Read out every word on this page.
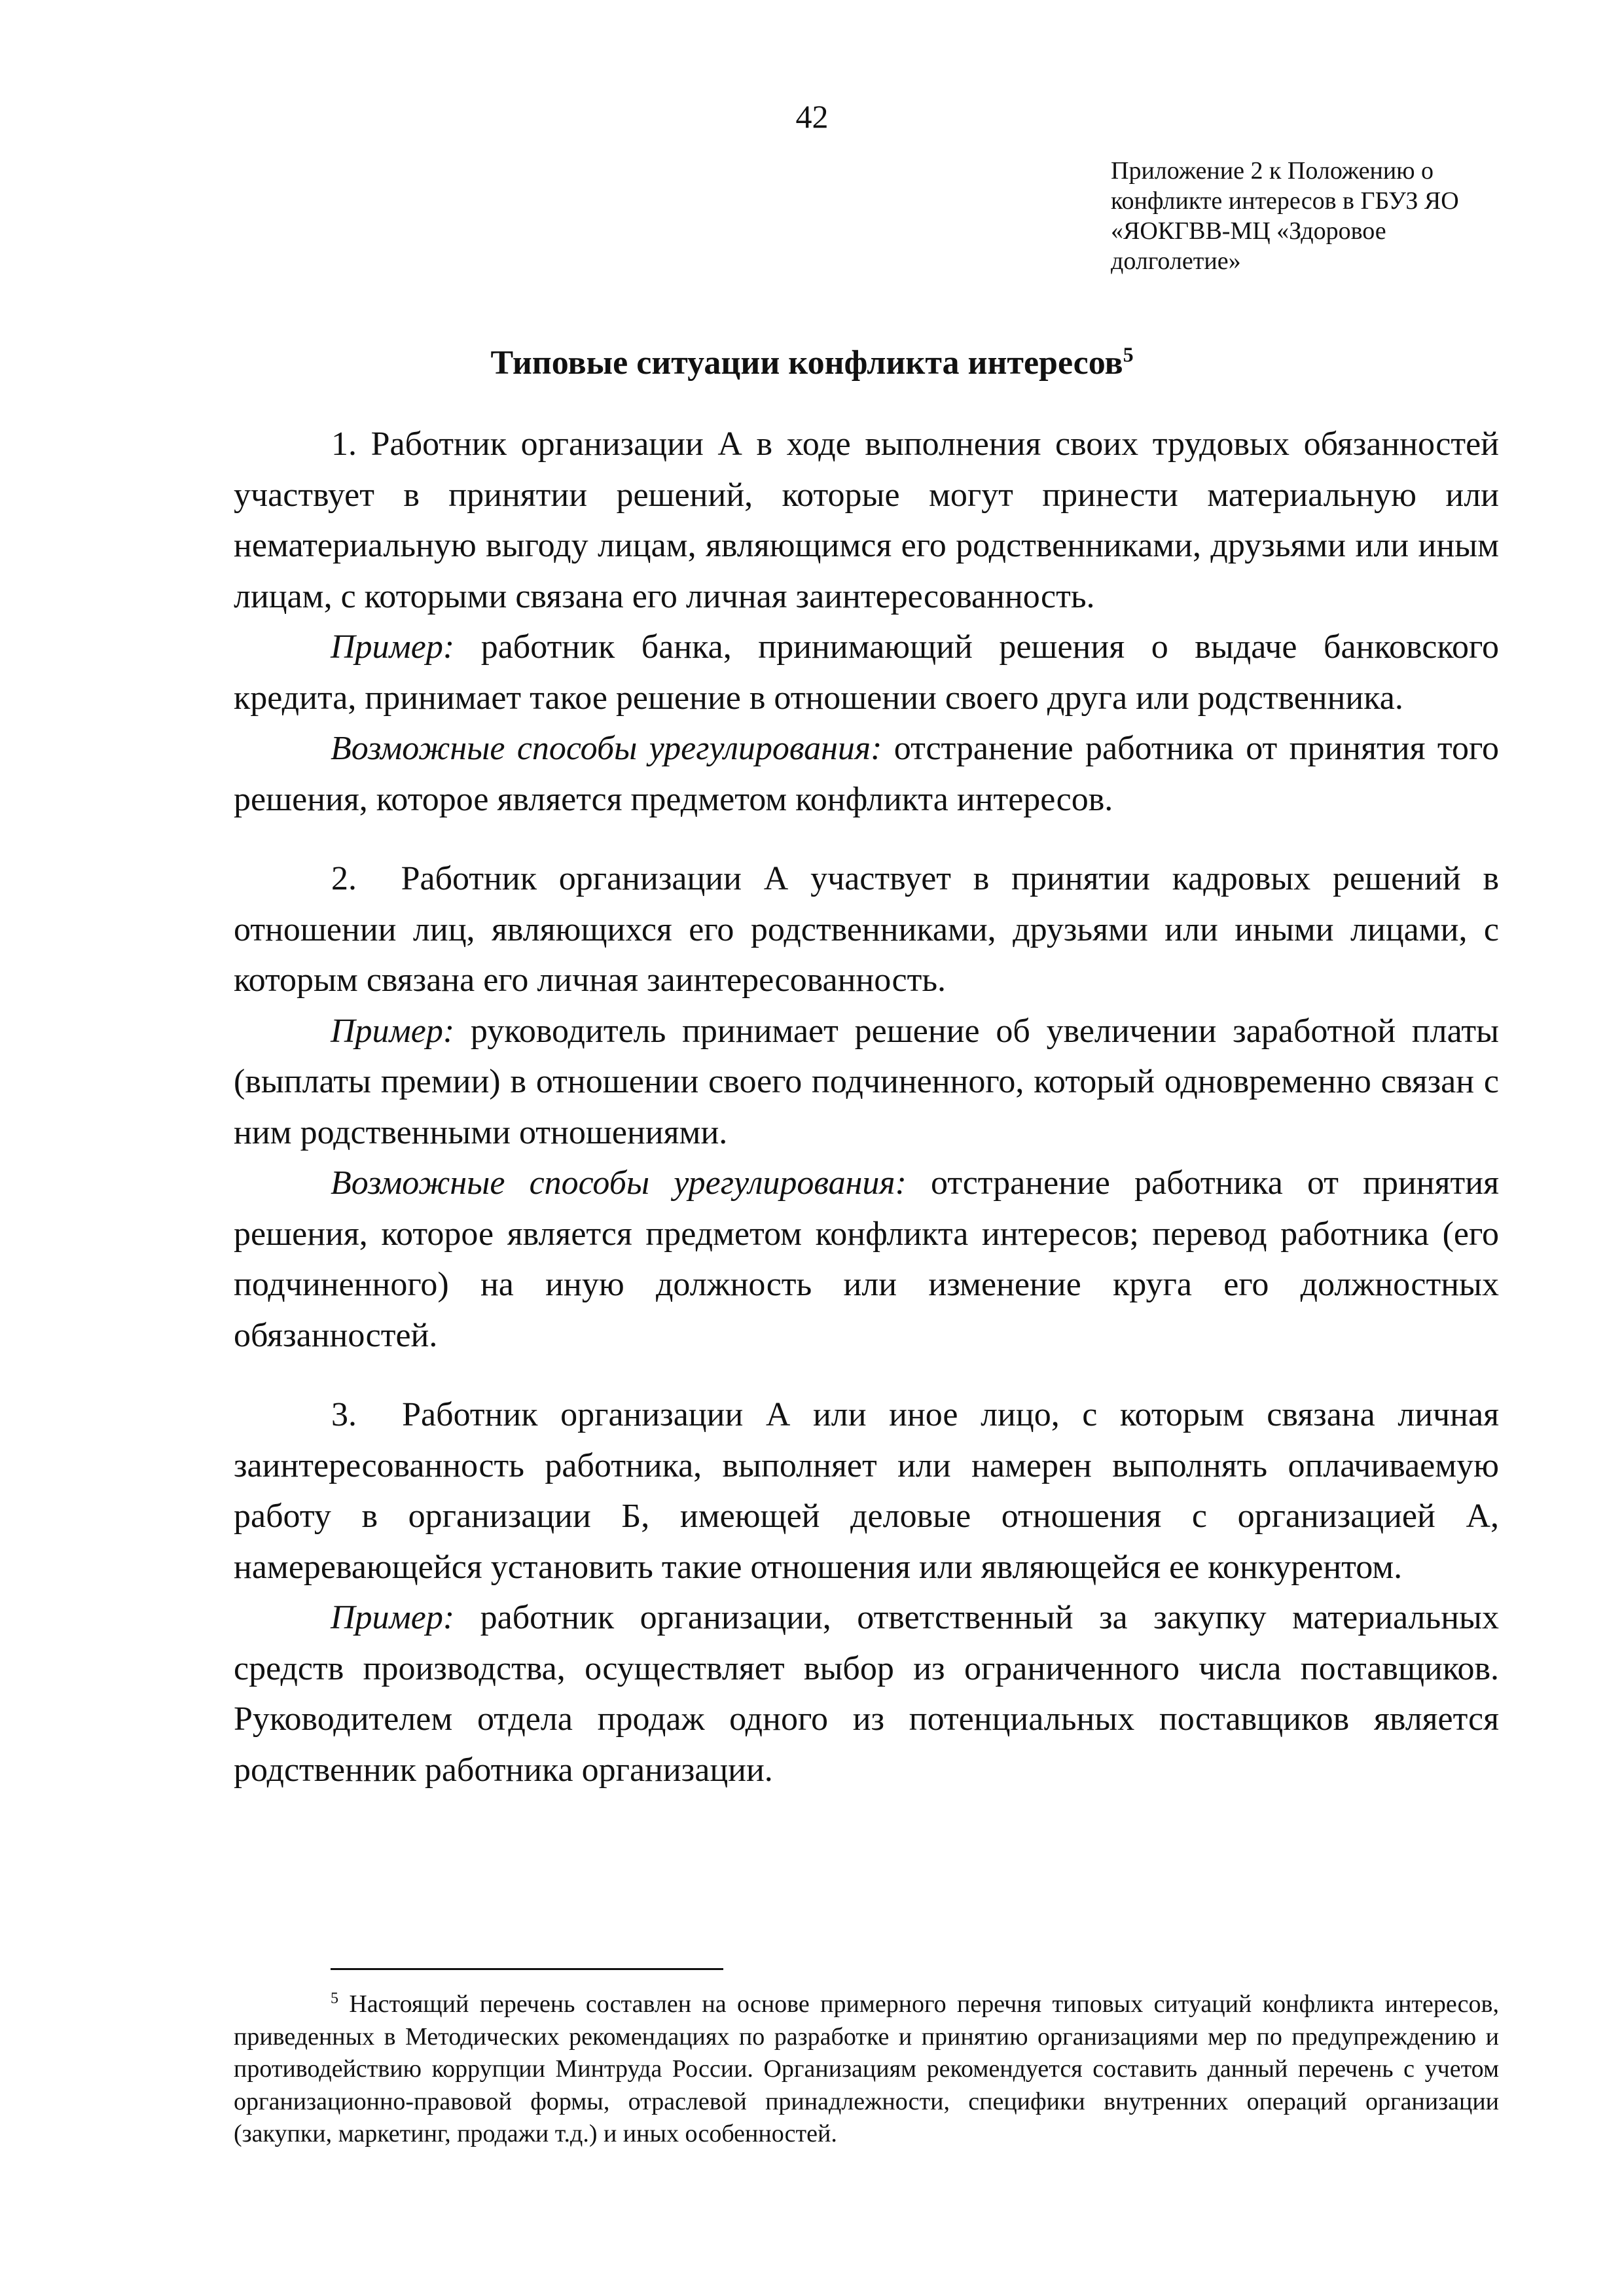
42
Приложение 2 к Положению о
конфликте интересов в ГБУЗ ЯО
«ЯОКГВВ-МЦ «Здоровое
долголетие»
Типовые ситуации конфликта интересов$^5$

1. Работник организации А в ходе выполнения своих трудовых обязанностей участвует в принятии решений, которые могут принести материальную или нематериальную выгоду лицам, являющимся его родственниками, друзьями или иным лицам, с которыми связана его личная заинтересованность.

Пример: работник банка, принимающий решения о выдаче банковского кредита, принимает такое решение в отношении своего друга или родственника.

Возможные способы урегулирования: отстранение работника от принятия того решения, которое является предметом конфликта интересов.

2. Работник организации А участвует в принятии кадровых решений в отношении лиц, являющихся его родственниками, друзьями или иными лицами, с которым связана его личная заинтересованность.

Пример: руководитель принимает решение об увеличении заработной платы (выплаты премии) в отношении своего подчиненного, который одновременно связан с ним родственными отношениями.

Возможные способы урегулирования: отстранение работника от принятия решения, которое является предметом конфликта интересов; перевод работника (его подчиненного) на иную должность или изменение круга его должностных обязанностей.

3. Работник организации А или иное лицо, с которым связана личная заинтересованность работника, выполняет или намерен выполнять оплачиваемую работу в организации Б, имеющей деловые отношения с организацией А, намеревающейся установить такие отношения или являющейся ее конкурентом.

Пример: работник организации, ответственный за закупку материальных средств производства, осуществляет выбор из ограниченного числа поставщиков. Руководителем отдела продаж одного из потенциальных поставщиков является родственник работника организации.

$^5$ Настоящий перечень составлен на основе примерного перечня типовых ситуаций конфликта интересов, приведенных в Методических рекомендациях по разработке и принятию организациями мер по предупреждению и противодействию коррупции Минтруда России. Организациям рекомендуется составить данный перечень с учетом организационно-правовой формы, отраслевой принадлежности, специфики внутренних операций организации (закупки, маркетинг, продажи т.д.) и иных особенностей.
